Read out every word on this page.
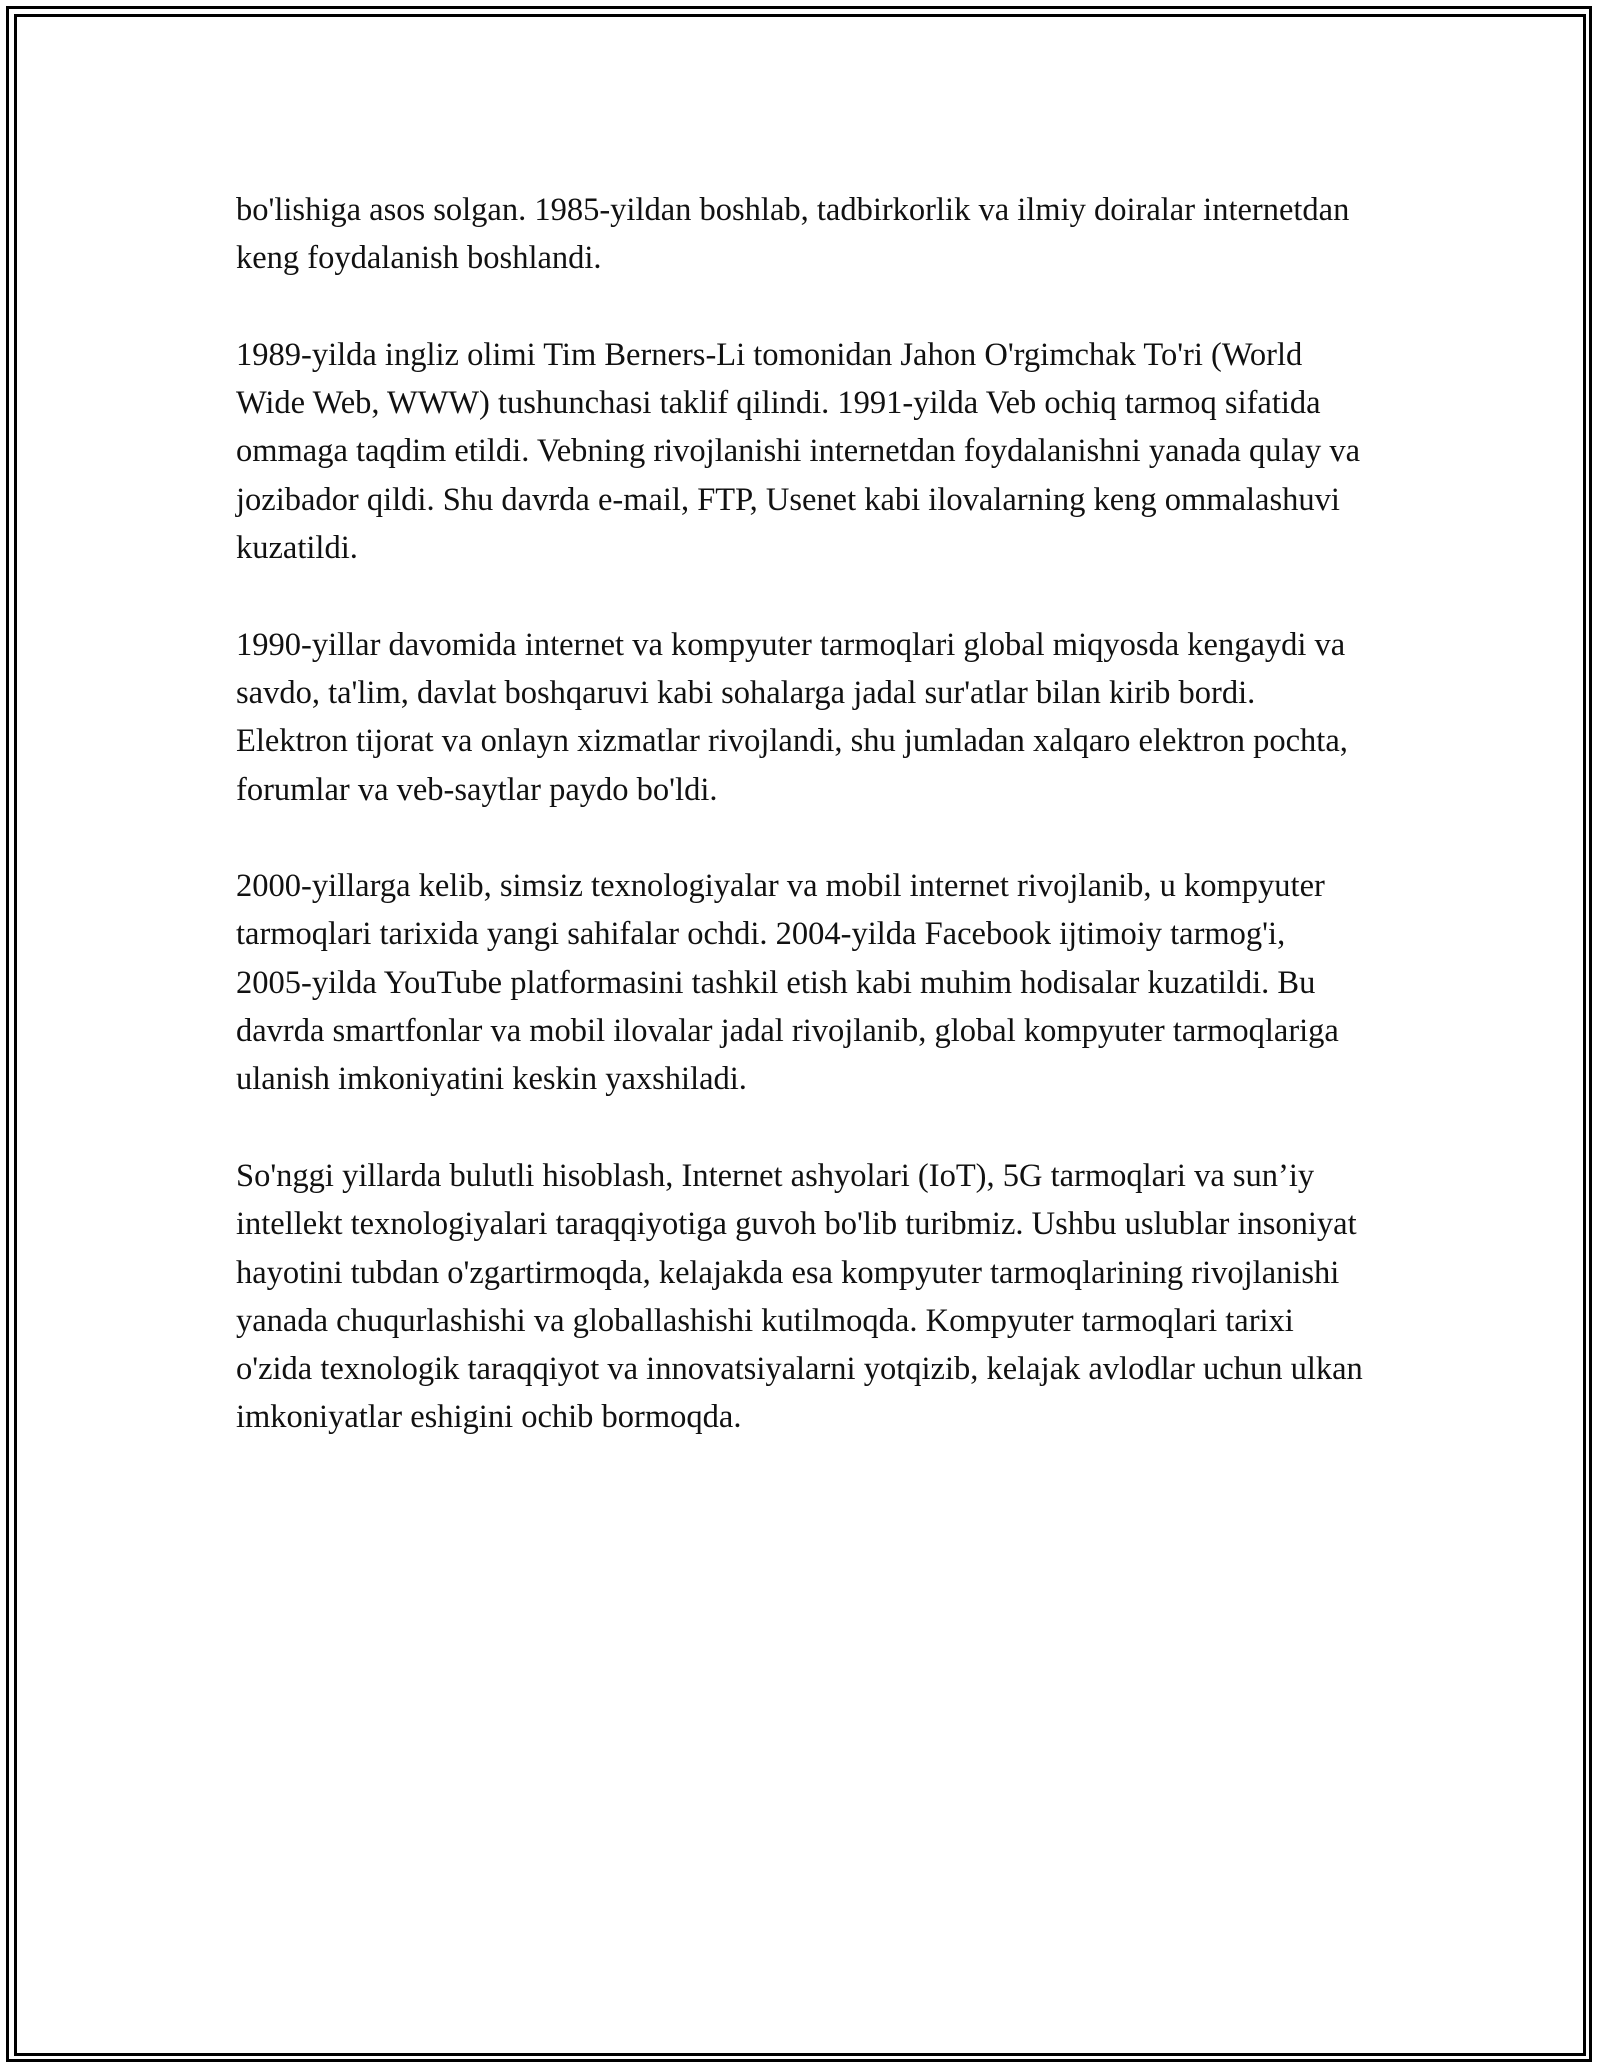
bo'lishiga asos solgan. 1985-yildan boshlab, tadbirkorlik va ilmiy doiralar internetdan keng foydalanish boshlandi.

1989-yilda ingliz olimi Tim Berners-Li tomonidan Jahon O'rgimchak To'ri (World Wide Web, WWW) tushunchasi taklif qilindi. 1991-yilda Veb ochiq tarmoq sifatida ommaga taqdim etildi. Vebning rivojlanishi internetdan foydalanishni yanada qulay va jozibador qildi. Shu davrda e-mail, FTP, Usenet kabi ilovalarning keng ommalashuvi kuzatildi.

1990-yillar davomida internet va kompyuter tarmoqlari global miqyosda kengaydi va savdo, ta'lim, davlat boshqaruvi kabi sohalarga jadal sur'atlar bilan kirib bordi. Elektron tijorat va onlayn xizmatlar rivojlandi, shu jumladan xalqaro elektron pochta, forumlar va veb-saytlar paydo bo'ldi.

2000-yillarga kelib, simsiz texnologiyalar va mobil internet rivojlanib, u kompyuter tarmoqlari tarixida yangi sahifalar ochdi. 2004-yilda Facebook ijtimoiy tarmog'i, 2005-yilda YouTube platformasini tashkil etish kabi muhim hodisalar kuzatildi. Bu davrda smartfonlar va mobil ilovalar jadal rivojlanib, global kompyuter tarmoqlariga ulanish imkoniyatini keskin yaxshiladi.

So'nggi yillarda bulutli hisoblash, Internet ashyolari (IoT), 5G tarmoqlari va sun’iy intellekt texnologiyalari taraqqiyotiga guvoh bo'lib turibmiz. Ushbu uslublar insoniyat hayotini tubdan o'zgartirmoqda, kelajakda esa kompyuter tarmoqlarining rivojlanishi yanada chuqurlashishi va globallashishi kutilmoqda. Kompyuter tarmoqlari tarixi o'zida texnologik taraqqiyot va innovatsiyalarni yotqizib, kelajak avlodlar uchun ulkan imkoniyatlar eshigini ochib bormoqda.
